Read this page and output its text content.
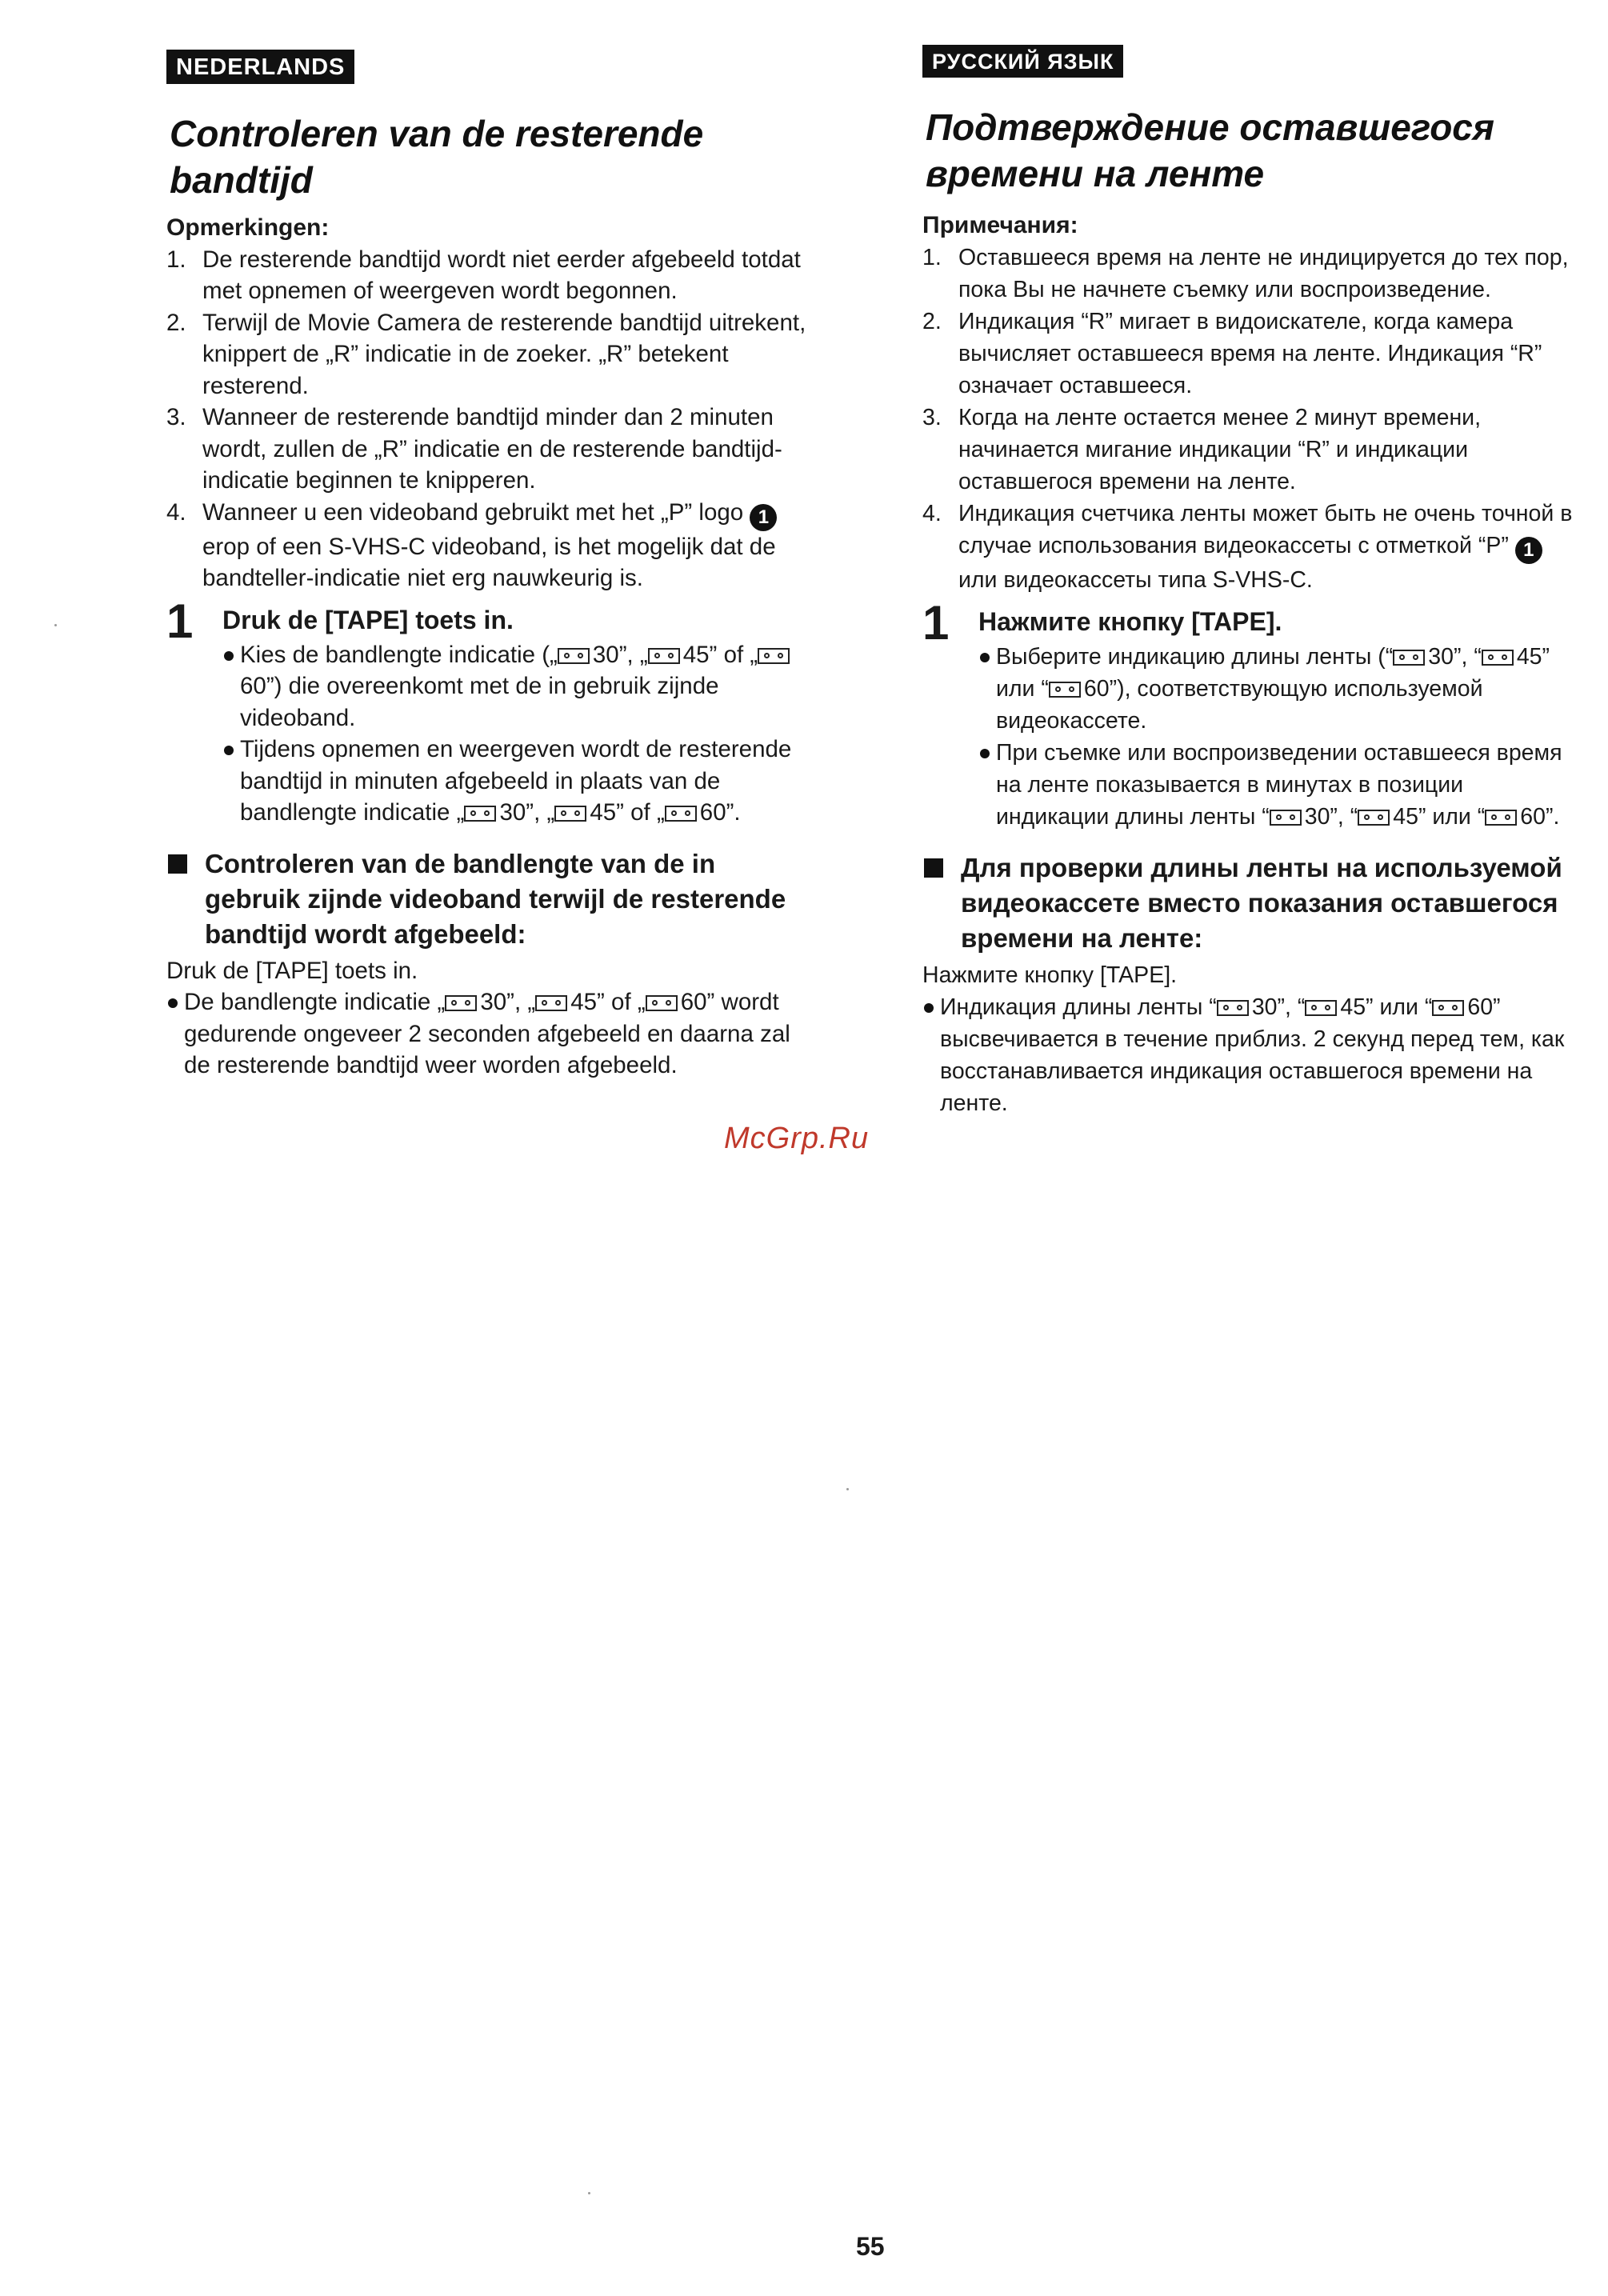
NEDERLANDS
Controleren van de resterende bandtijd
Opmerkingen:
1. De resterende bandtijd wordt niet eerder afgebeeld totdat met opnemen of weergeven wordt begonnen.
2. Terwijl de Movie Camera de resterende bandtijd uitrekent, knippert de „R” indicatie in de zoeker. „R” betekent resterend.
3. Wanneer de resterende bandtijd minder dan 2 minuten wordt, zullen de „R” indicatie en de resterende bandtijd-indicatie beginnen te knipperen.
4. Wanneer u een videoband gebruikt met het „P” logo 1erop of een S-VHS-C videoband, is het mogelijk dat de bandteller-indicatie niet erg nauwkeurig is.
1 Druk de [TAPE] toets in.
Kies de bandlengte indicatie („ 30”, „ 45” of „60”) die overeenkomt met de in gebruik zijnde videoband.
Tijdens opnemen en weergeven wordt de resterende bandtijd in minuten afgebeeld in plaats van de bandlengte indicatie „ 30”, „ 45” of „ 60”.
Controleren van de bandlengte van de in gebruik zijnde videoband terwijl de resterende bandtijd wordt afgebeeld:
Druk de [TAPE] toets in.
De bandlengte indicatie „ 30”, „ 45” of „ 60” wordt gedurende ongeveer 2 seconden afgebeeld en daarna zal de resterende bandtijd weer worden afgebeeld.
РУССКИЙ ЯЗЫК
Подтверждение оставшегося времени на ленте
Примечания:
1. Оставшееся время на ленте не индицируется до тех пор, пока Вы не начнете съемку или воспроизведение.
2. Индикация “R” мигает в видоискателе, когда камера вычисляет оставшееся время на ленте. Индикация “R” означает оставшееся.
3. Когда на ленте остается менее 2 минут времени, начинается мигание индикации “R” и индикации оставшегося времени на ленте.
4. Индикация счетчика ленты может быть не очень точной в случае использования видеокассеты с отметкой “P” 1или видеокассеты типа S-VHS-C.
1 Нажмите кнопку [TAPE].
Выберите индикацию длины ленты (“ 30”, “ 45” или “ 60”), соответствующую используемой видеокассете.
При съемке или воспроизведении оставшееся время на ленте показывается в минутах в позиции индикации длины ленты “ 30”, “ 45” или “ 60”.
Для проверки длины ленты на используемой видеокассете вместо показания оставшегося времени на ленте:
Нажмите кнопку [TAPE].
Индикация длины ленты “ 30”, “ 45” или “ 60” высвечивается в течение приблиз. 2 секунд перед тем, как восстанавливается индикация оставшегося времени на ленте.
McGrp.Ru
55
